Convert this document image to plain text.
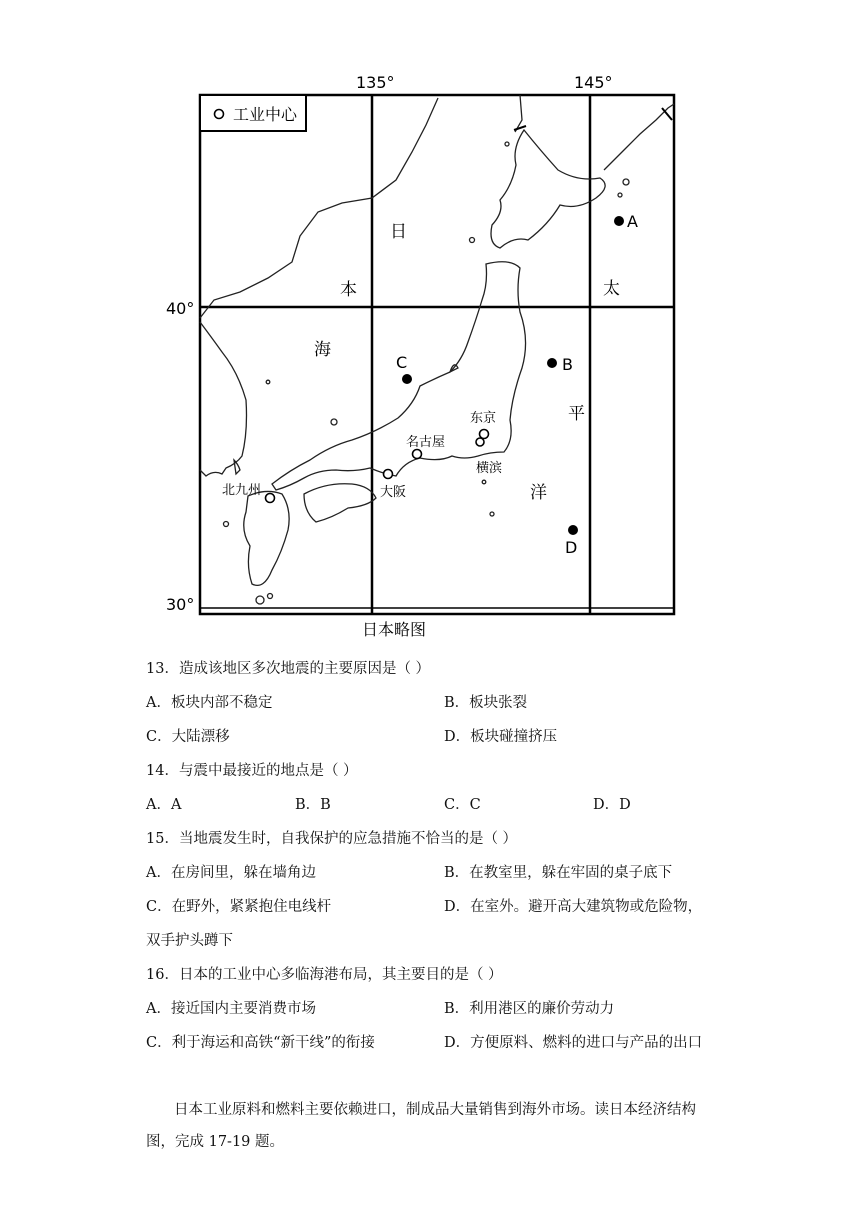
工业中心
135°	145°
40°
30°
日本略图
日
本
海
太
平
洋
东京
名古屋
横滨
大阪
北九州
A
B
C
D
13．造成该地区多次地震的主要原因是（ ）
A．板块内部不稳定	B．板块张裂
C．大陆漂移	D．板块碰撞挤压
14．与震中最接近的地点是（ ）
A．A	B．B	C．C	D．D
15．当地震发生时，自我保护的应急措施不恰当的是（ ）
A．在房间里，躲在墙角边	B．在教室里，躲在牢固的桌子底下
C．在野外，紧紧抱住电线杆	D．在室外。避开高大建筑物或危险物，
双手护头蹲下
16．日本的工业中心多临海港布局，其主要目的是（ ）
A．接近国内主要消费市场	B．利用港区的廉价劳动力
C．利于海运和高铁“新干线”的衔接	D．方便原料、燃料的进口与产品的出口
日本工业原料和燃料主要依赖进口，制成品大量销售到海外市场。读日本经济结构
图，完成 17-19 题。
